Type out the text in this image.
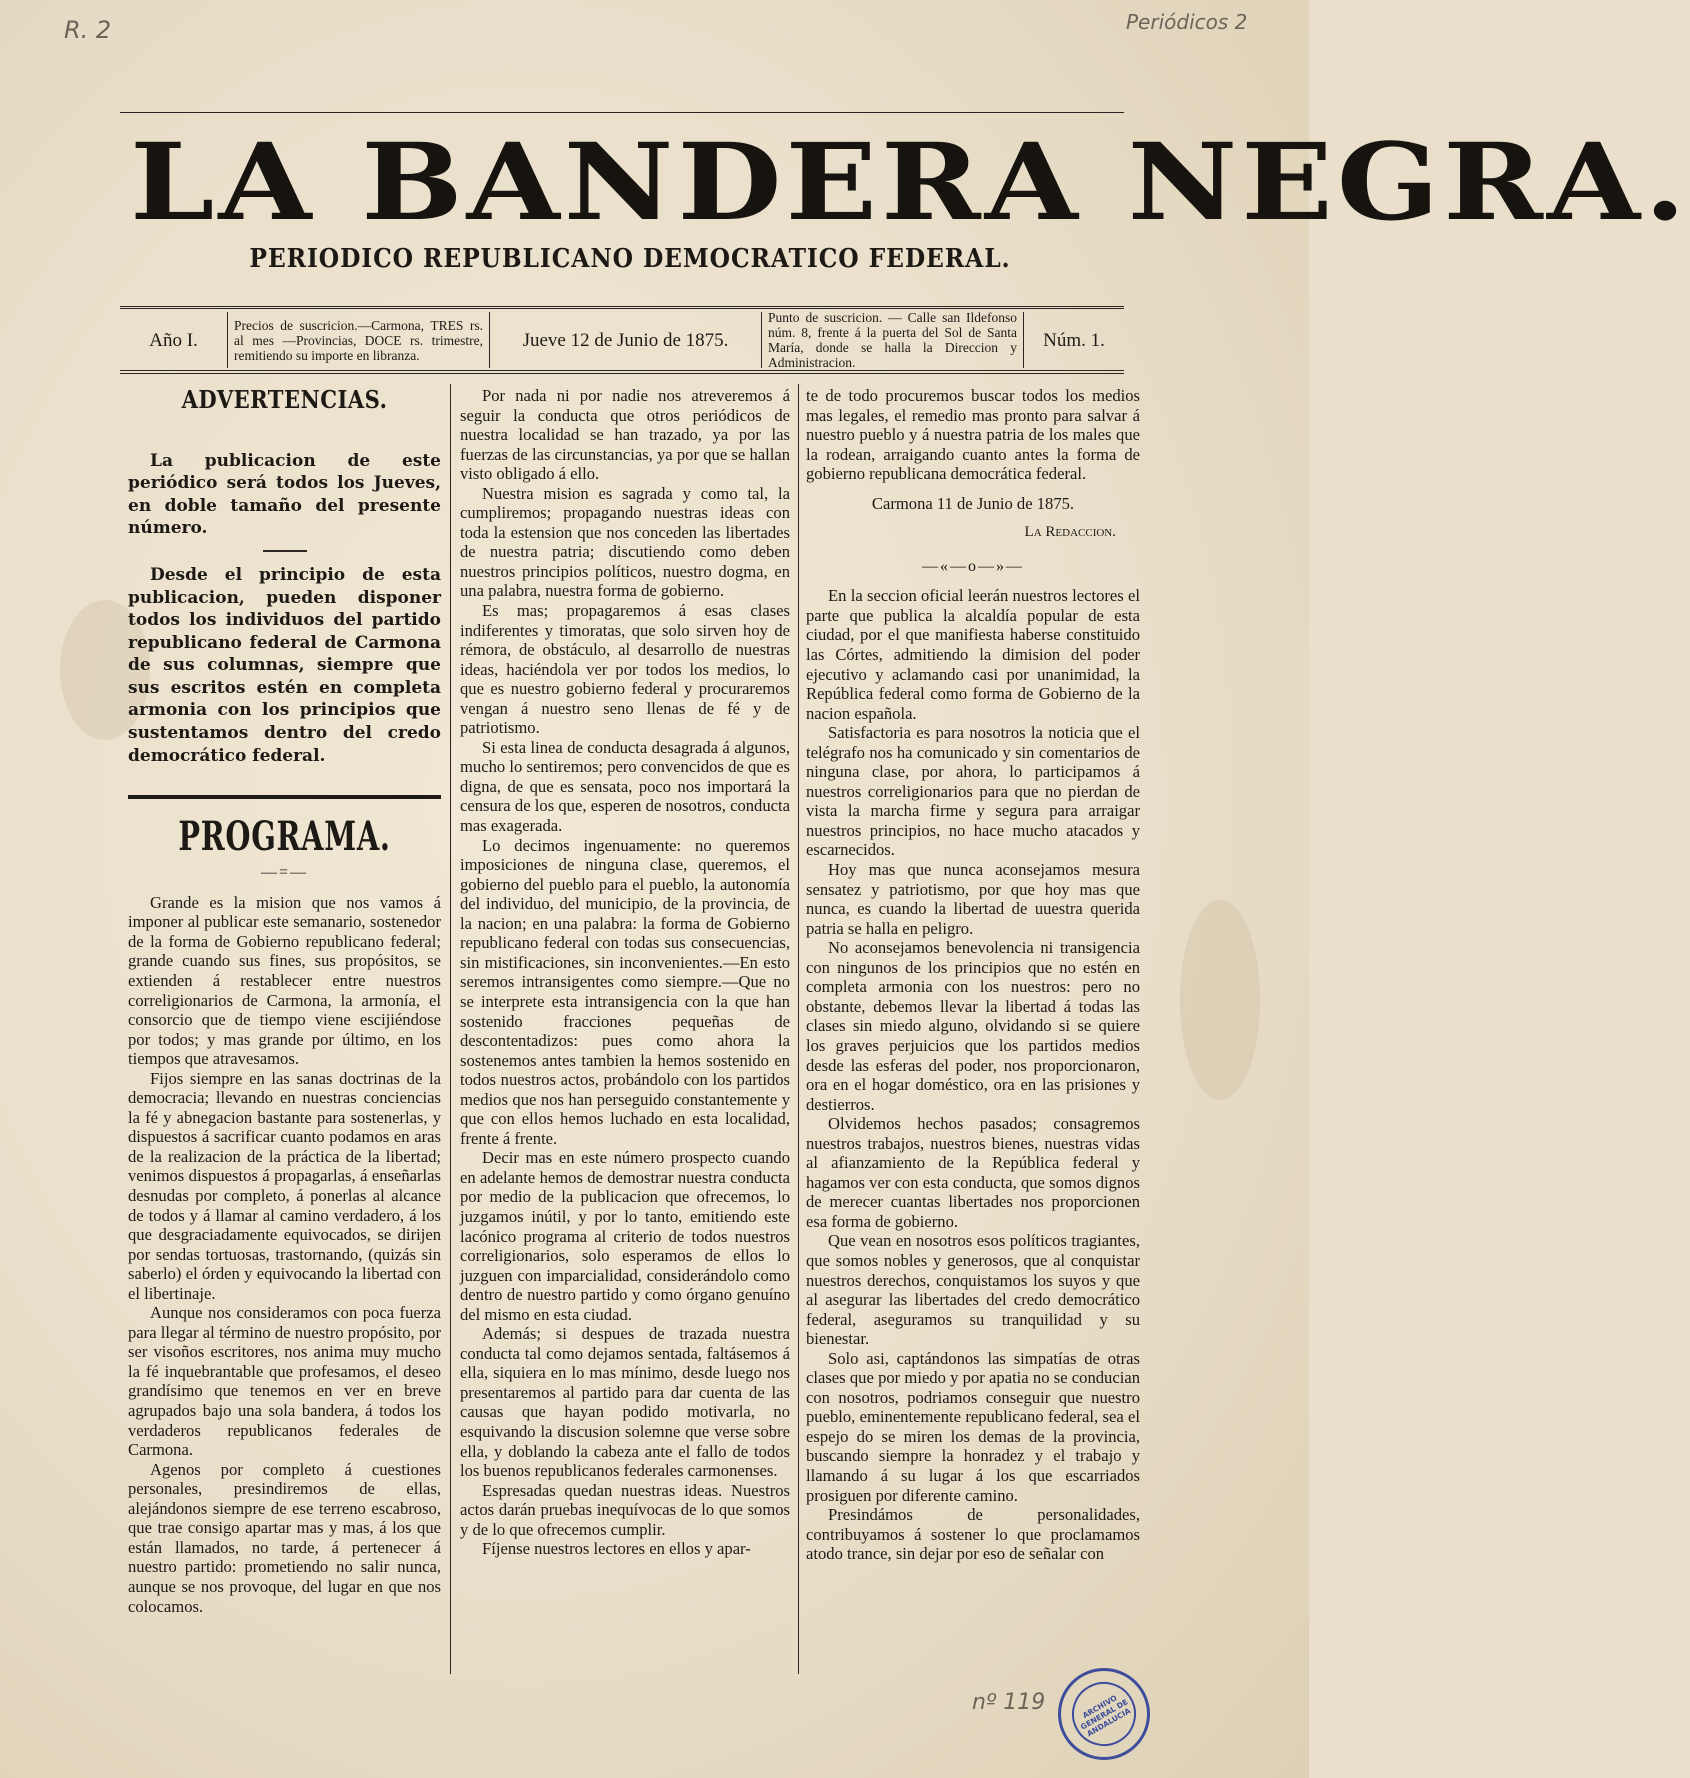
R. 2	Periódicos 2
nº 119
LA BANDERA NEGRA.
PERIODICO REPUBLICANO DEMOCRATICO FEDERAL.
Año I.
Precios de suscricion.—Carmona, TRES rs. al mes —Provincias, DOCE rs. trimestre, remitiendo su importe en libranza.
Jueve 12 de Junio de 1875.
Punto de suscricion. — Calle san Ildefonso núm. 8, frente á la puerta del Sol de Santa María, donde se halla la Direccion y Administracion.
Núm. 1.
ADVERTENCIAS.

La publicacion de este periódico será todos los Jueves, en doble tamaño del presente número.

Desde el principio de esta publicacion, pueden disponer todos los individuos del partido republicano federal de Carmona de sus columnas, siempre que sus escritos estén en completa armonia con los principios que sustentamos dentro del credo democrático federal.

PROGRAMA.
—=—

Grande es la mision que nos vamos á imponer al publicar este semanario, sostenedor de la forma de Gobierno republicano federal; grande cuando sus fines, sus propósitos, se extienden á restablecer entre nuestros correligionarios de Carmona, la armonía, el consorcio que de tiempo viene escijiéndose por todos; y mas grande por último, en los tiempos que atravesamos.

Fijos siempre en las sanas doctrinas de la democracia; llevando en nuestras conciencias la fé y abnegacion bastante para sostenerlas, y dispuestos á sacrificar cuanto podamos en aras de la realizacion de la práctica de la libertad; venimos dispuestos á propagarlas, á enseñarlas desnudas por completo, á ponerlas al alcance de todos y á llamar al camino verdadero, á los que desgraciadamente equivocados, se dirijen por sendas tortuosas, trastornando, (quizás sin saberlo) el órden y equivocando la libertad con el libertinaje.

Aunque nos consideramos con poca fuerza para llegar al término de nuestro propósito, por ser visoños escritores, nos anima muy mucho la fé inquebrantable que profesamos, el deseo grandísimo que tenemos en ver en breve agrupados bajo una sola bandera, á todos los verdaderos republicanos federales de Carmona.

Agenos por completo á cuestiones personales, presindiremos de ellas, alejándonos siempre de ese terreno escabroso, que trae consigo apartar mas y mas, á los que están llamados, no tarde, á pertenecer á nuestro partido: prometiendo no salir nunca, aunque se nos provoque, del lugar en que nos colocamos.

Por nada ni por nadie nos atreveremos á seguir la conducta que otros periódicos de nuestra localidad se han trazado, ya por las fuerzas de las circunstancias, ya por que se hallan visto obligado á ello.

Nuestra mision es sagrada y como tal, la cumpliremos; propagando nuestras ideas con toda la estension que nos conceden las libertades de nuestra patria; discutiendo como deben nuestros principios políticos, nuestro dogma, en una palabra, nuestra forma de gobierno.

Es mas; propagaremos á esas clases indiferentes y timoratas, que solo sirven hoy de rémora, de obstáculo, al desarrollo de nuestras ideas, haciéndola ver por todos los medios, lo que es nuestro gobierno federal y procuraremos vengan á nuestro seno llenas de fé y de patriotismo.

Si esta linea de conducta desagrada á algunos, mucho lo sentiremos; pero convencidos de que es digna, de que es sensata, poco nos importará la censura de los que, esperen de nosotros, conducta mas exagerada.

Lo decimos ingenuamente: no queremos imposiciones de ninguna clase, queremos, el gobierno del pueblo para el pueblo, la autonomía del individuo, del municipio, de la provincia, de la nacion; en una palabra: la forma de Gobierno republicano federal con todas sus consecuencias, sin mistificaciones, sin inconvenientes.—En esto seremos intransigentes como siempre.—Que no se interprete esta intransigencia con la que han sostenido fracciones pequeñas de descontentadizos: pues como ahora la sostenemos antes tambien la hemos sostenido en todos nuestros actos, probándolo con los partidos medios que nos han perseguido constantemente y que con ellos hemos luchado en esta localidad, frente á frente.

Decir mas en este número prospecto cuando en adelante hemos de demostrar nuestra conducta por medio de la publicacion que ofrecemos, lo juzgamos inútil, y por lo tanto, emitiendo este lacónico programa al criterio de todos nuestros correligionarios, solo esperamos de ellos lo juzguen con imparcialidad, considerándolo como dentro de nuestro partido y como órgano genuíno del mismo en esta ciudad.

Además; si despues de trazada nuestra conducta tal como dejamos sentada, faltásemos á ella, siquiera en lo mas mínimo, desde luego nos presentaremos al partido para dar cuenta de las causas que hayan podido motivarla, no esquivando la discusion solemne que verse sobre ella, y doblando la cabeza ante el fallo de todos los buenos republicanos federales carmonenses.

Espresadas quedan nuestras ideas. Nuestros actos darán pruebas inequívocas de lo que somos y de lo que ofrecemos cumplir.

Fíjense nuestros lectores en ellos y apar-

te de todo procuremos buscar todos los medios mas legales, el remedio mas pronto para salvar á nuestro pueblo y á nuestra patria de los males que la rodean, arraigando cuanto antes la forma de gobierno republicana democrática federal.

Carmona 11 de Junio de 1875.
La Redaccion.
—«—o—»—

En la seccion oficial leerán nuestros lectores el parte que publica la alcaldía popular de esta ciudad, por el que manifiesta haberse constituido las Córtes, admitiendo la dimision del poder ejecutivo y aclamando casi por unanimidad, la República federal como forma de Gobierno de la nacion española.

Satisfactoria es para nosotros la noticia que el telégrafo nos ha comunicado y sin comentarios de ninguna clase, por ahora, lo participamos á nuestros correligionarios para que no pierdan de vista la marcha firme y segura para arraigar nuestros principios, no hace mucho atacados y escarnecidos.

Hoy mas que nunca aconsejamos mesura sensatez y patriotismo, por que hoy mas que nunca, es cuando la libertad de uuestra querida patria se halla en peligro.

No aconsejamos benevolencia ni transigencia con ningunos de los principios que no estén en completa armonia con los nuestros: pero no obstante, debemos llevar la libertad á todas las clases sin miedo alguno, olvidando si se quiere los graves perjuicios que los partidos medios desde las esferas del poder, nos proporcionaron, ora en el hogar doméstico, ora en las prisiones y destierros.

Olvidemos hechos pasados; consagremos nuestros trabajos, nuestros bienes, nuestras vidas al afianzamiento de la República federal y hagamos ver con esta conducta, que somos dignos de merecer cuantas libertades nos proporcionen esa forma de gobierno.

Que vean en nosotros esos políticos tragiantes, que somos nobles y generosos, que al conquistar nuestros derechos, conquistamos los suyos y que al asegurar las libertades del credo democrático federal, aseguramos su tranquilidad y su bienestar.

Solo asi, captándonos las simpatías de otras clases que por miedo y por apatia no se conducian con nosotros, podriamos conseguir que nuestro pueblo, eminentemente republicano federal, sea el espejo do se miren los demas de la provincia, buscando siempre la honradez y el trabajo y llamando á su lugar á los que escarriados prosiguen por diferente camino.

Presindámos de personalidades, contribuyamos á sostener lo que proclamamos atodo trance, sin dejar por eso de señalar con

ARCHIVO GENERAL DE ANDALUCIA
